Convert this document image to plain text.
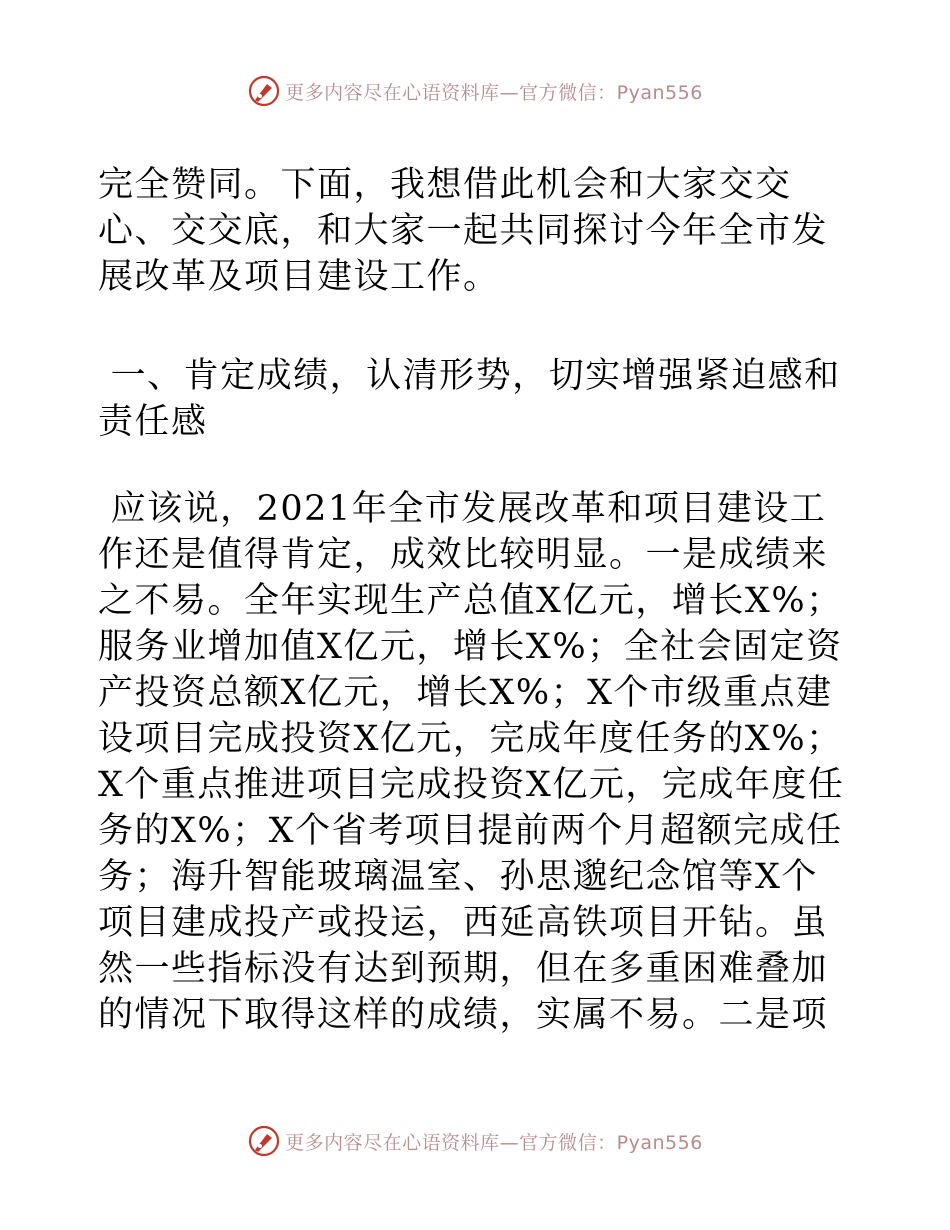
更多内容尽在心语资料库—官方微信：Pyan556

完全赞同。下面，我想借此机会和大家交交心、交交底，和大家一起共同探讨今年全市发展改革及项目建设工作。

一、肯定成绩，认清形势，切实增强紧迫感和责任感

应该说，2021年全市发展改革和项目建设工作还是值得肯定，成效比较明显。一是成绩来之不易。全年实现生产总值X亿元，增长X%；服务业增加值X亿元，增长X%；全社会固定资产投资总额X亿元，增长X%；X个市级重点建设项目完成投资X亿元，完成年度任务的X%；X个重点推进项目完成投资X亿元，完成年度任务的X%；X个省考项目提前两个月超额完成任务；海升智能玻璃温室、孙思邈纪念馆等X个项目建成投产或投运，西延高铁项目开钻。虽然一些指标没有达到预期，但在多重困难叠加的情况下取得这样的成绩，实属不易。二是项

更多内容尽在心语资料库—官方微信：Pyan556
